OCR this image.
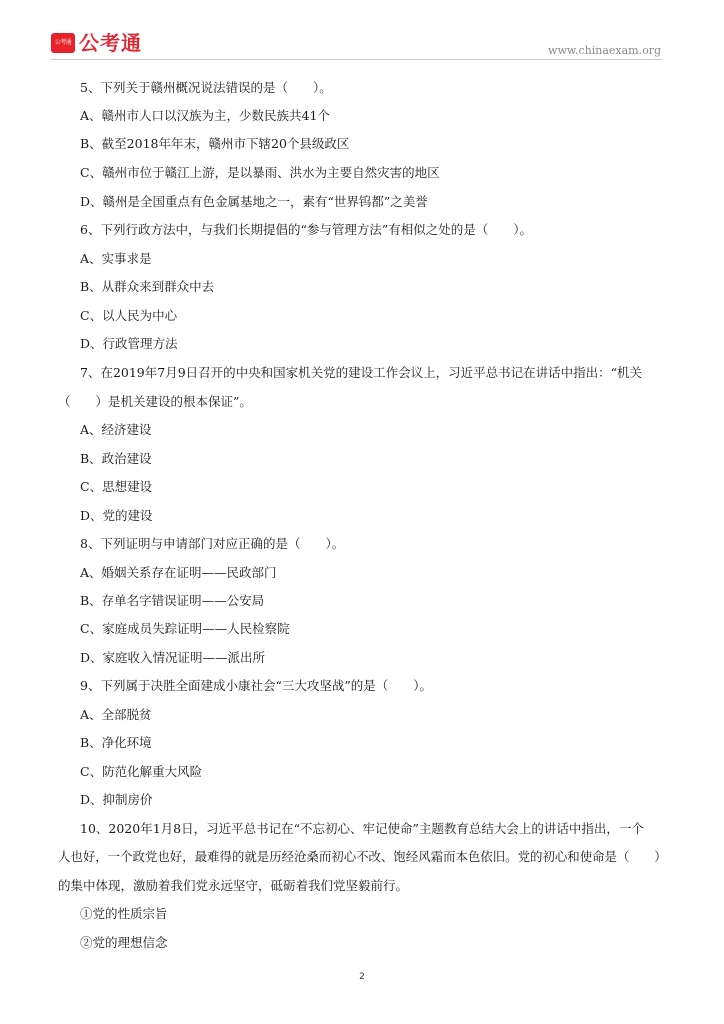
公考通 公考通	www.chinaexam.org
5、下列关于赣州概况说法错误的是（　　）。
A、赣州市人口以汉族为主，少数民族共41个
B、截至2018年年末，赣州市下辖20个县级政区
C、赣州市位于赣江上游，是以暴雨、洪水为主要自然灾害的地区
D、赣州是全国重点有色金属基地之一，素有“世界钨都”之美誉
6、下列行政方法中，与我们长期提倡的“参与管理方法”有相似之处的是（　　）。
A、实事求是
B、从群众来到群众中去
C、以人民为中心
D、行政管理方法
7、在2019年7月9日召开的中央和国家机关党的建设工作会议上，习近平总书记在讲话中指出：“机关
（　　）是机关建设的根本保证”。
A、经济建设
B、政治建设
C、思想建设
D、党的建设
8、下列证明与申请部门对应正确的是（　　）。
A、婚姻关系存在证明——民政部门
B、存单名字错误证明——公安局
C、家庭成员失踪证明——人民检察院
D、家庭收入情况证明——派出所
9、下列属于决胜全面建成小康社会“三大攻坚战”的是（　　）。
A、全部脱贫
B、净化环境
C、防范化解重大风险
D、抑制房价
10、2020年1月8日，习近平总书记在“不忘初心、牢记使命”主题教育总结大会上的讲话中指出，一个
人也好，一个政党也好，最难得的就是历经沧桑而初心不改、饱经风霜而本色依旧。党的初心和使命是（　　）
的集中体现，激励着我们党永远坚守，砥砺着我们党坚毅前行。
①党的性质宗旨
②党的理想信念
2
